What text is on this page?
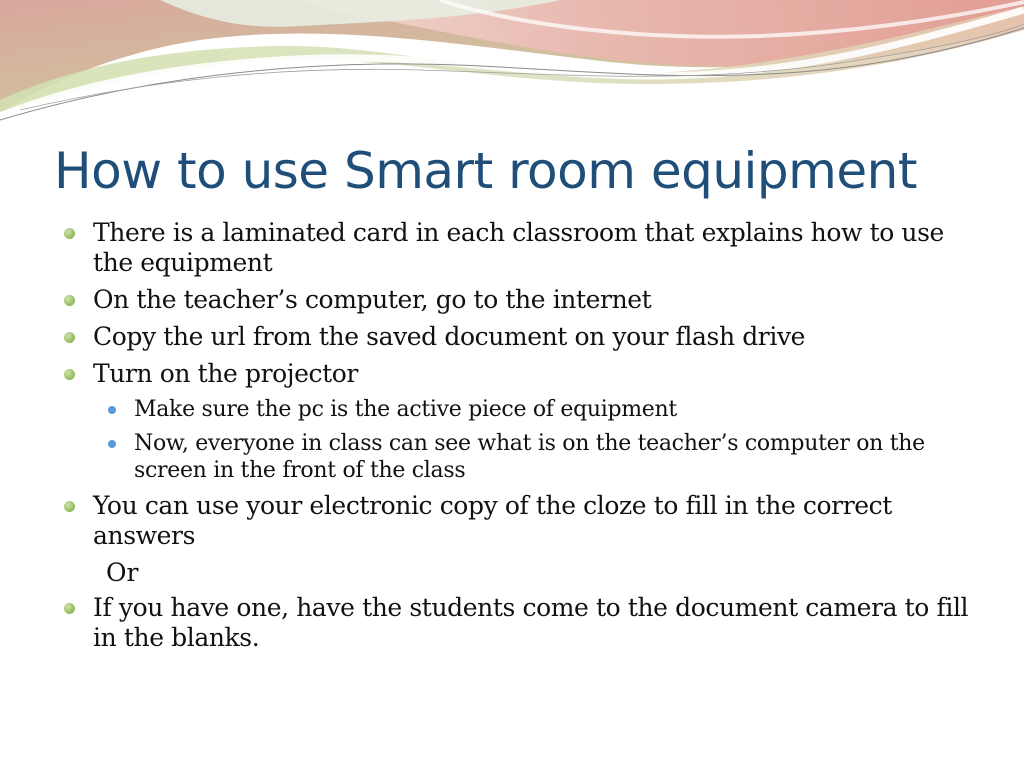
How to use Smart room equipment
There is a laminated card in each classroom that explains how to use the equipment
On the teacher’s computer, go to the internet
Copy the url from the saved document on your flash drive
Turn on the projector
Make sure the pc is the active piece of equipment
Now, everyone in class can see what is on the teacher’s computer on the screen in the front of the class
You can use your electronic copy of the cloze to fill in the correct answers
Or
If you have one, have the students come to the document camera to fill in the blanks.
